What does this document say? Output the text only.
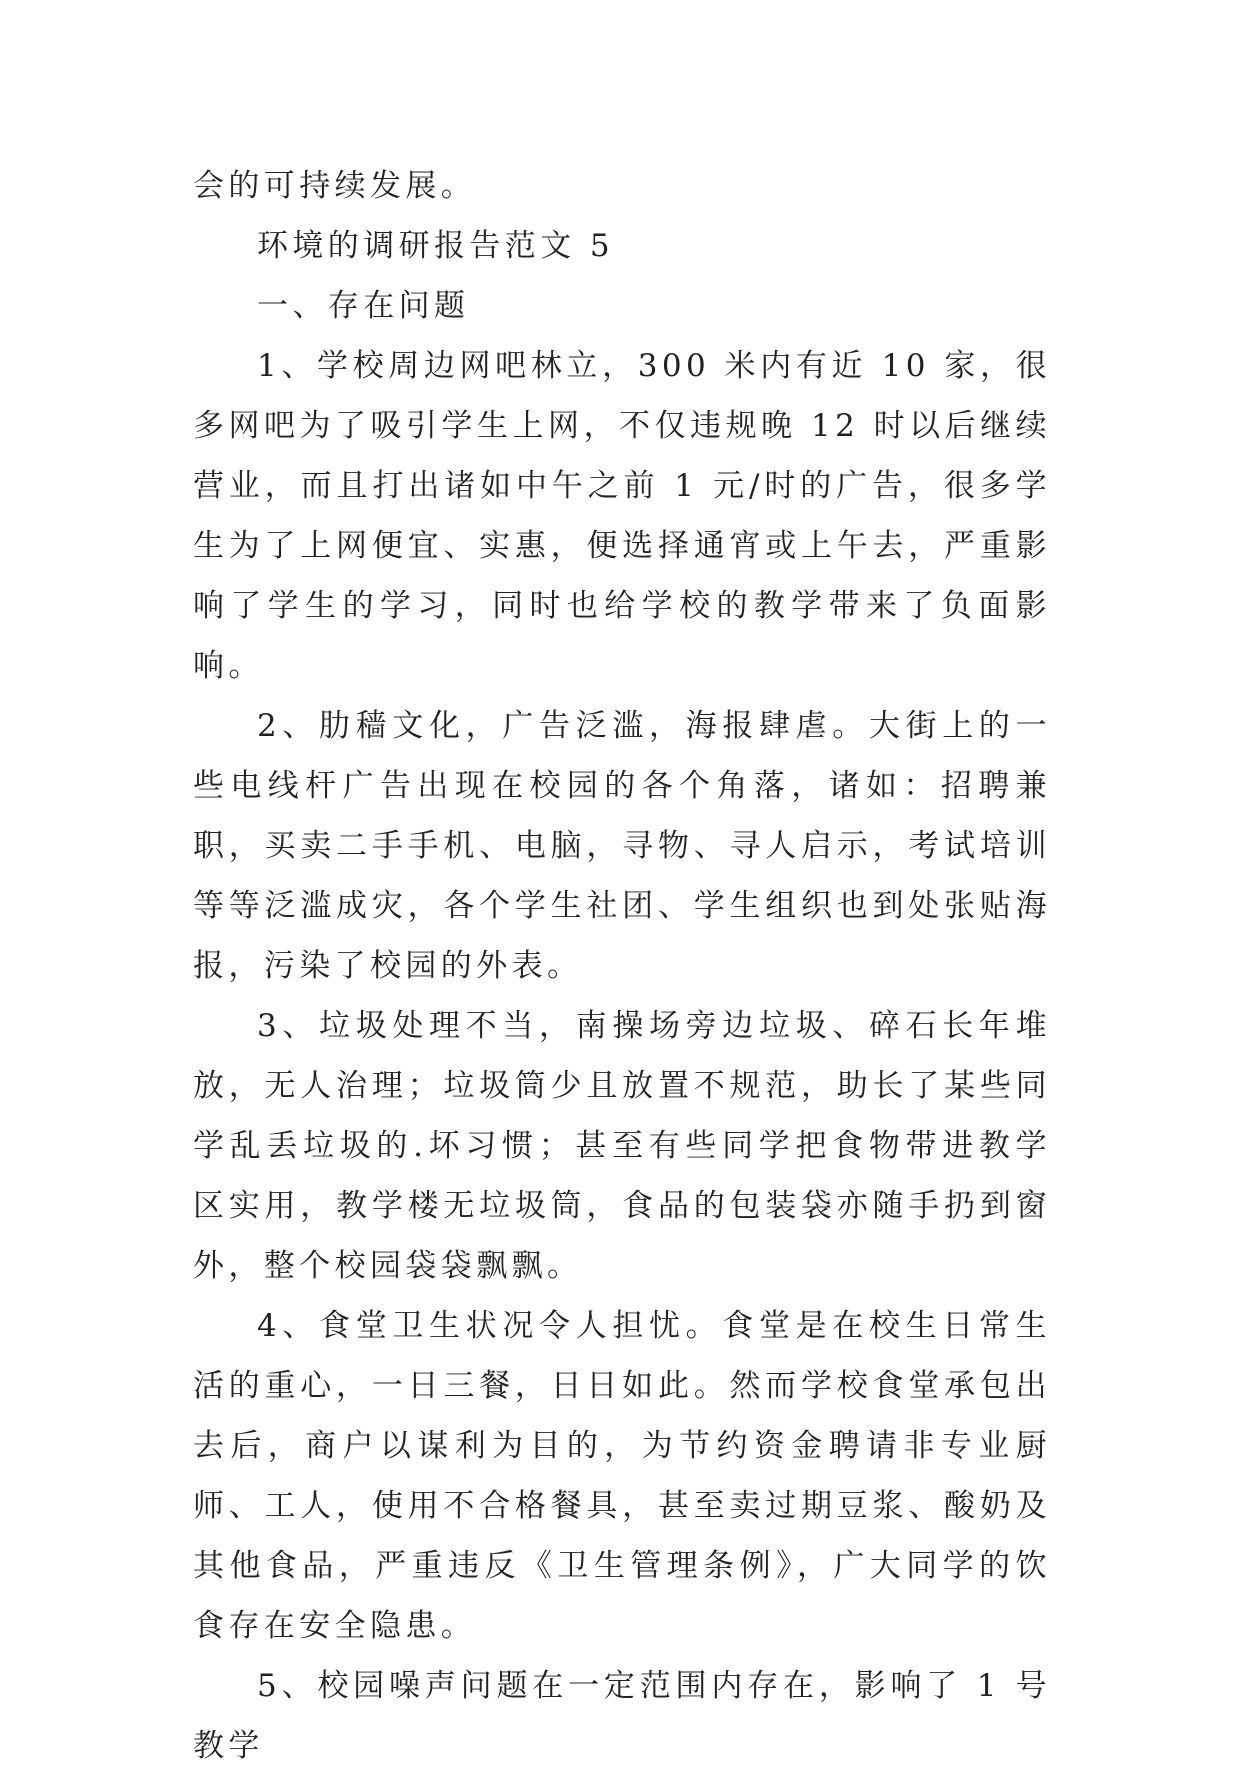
会的可持续发展。

环境的调研报告范文 5

一、存在问题

1、学校周边网吧林立，300 米内有近 10 家，很多网吧为了吸引学生上网，不仅违规晚 12 时以后继续营业，而且打出诸如中午之前 1 元/时的广告，很多学生为了上网便宜、实惠，便选择通宵或上午去，严重影响了学生的学习，同时也给学校的教学带来了负面影响。

2、肋穑文化，广告泛滥，海报肆虐。大街上的一些电线杆广告出现在校园的各个角落，诸如：招聘兼职，买卖二手手机、电脑，寻物、寻人启示，考试培训等等泛滥成灾，各个学生社团、学生组织也到处张贴海报，污染了校园的外表。

3、垃圾处理不当，南操场旁边垃圾、碎石长年堆放，无人治理；垃圾筒少且放置不规范，助长了某些同学乱丢垃圾的.坏习惯；甚至有些同学把食物带进教学区实用，教学楼无垃圾筒，食品的包装袋亦随手扔到窗外，整个校园袋袋飘飘。

4、食堂卫生状况令人担忧。食堂是在校生日常生活的重心，一日三餐，日日如此。然而学校食堂承包出去后，商户以谋利为目的，为节约资金聘请非专业厨师、工人，使用不合格餐具，甚至卖过期豆浆、酸奶及其他食品，严重违反《卫生管理条例》，广大同学的饮食存在安全隐患。

5、校园噪声问题在一定范围内存在，影响了 1 号教学
